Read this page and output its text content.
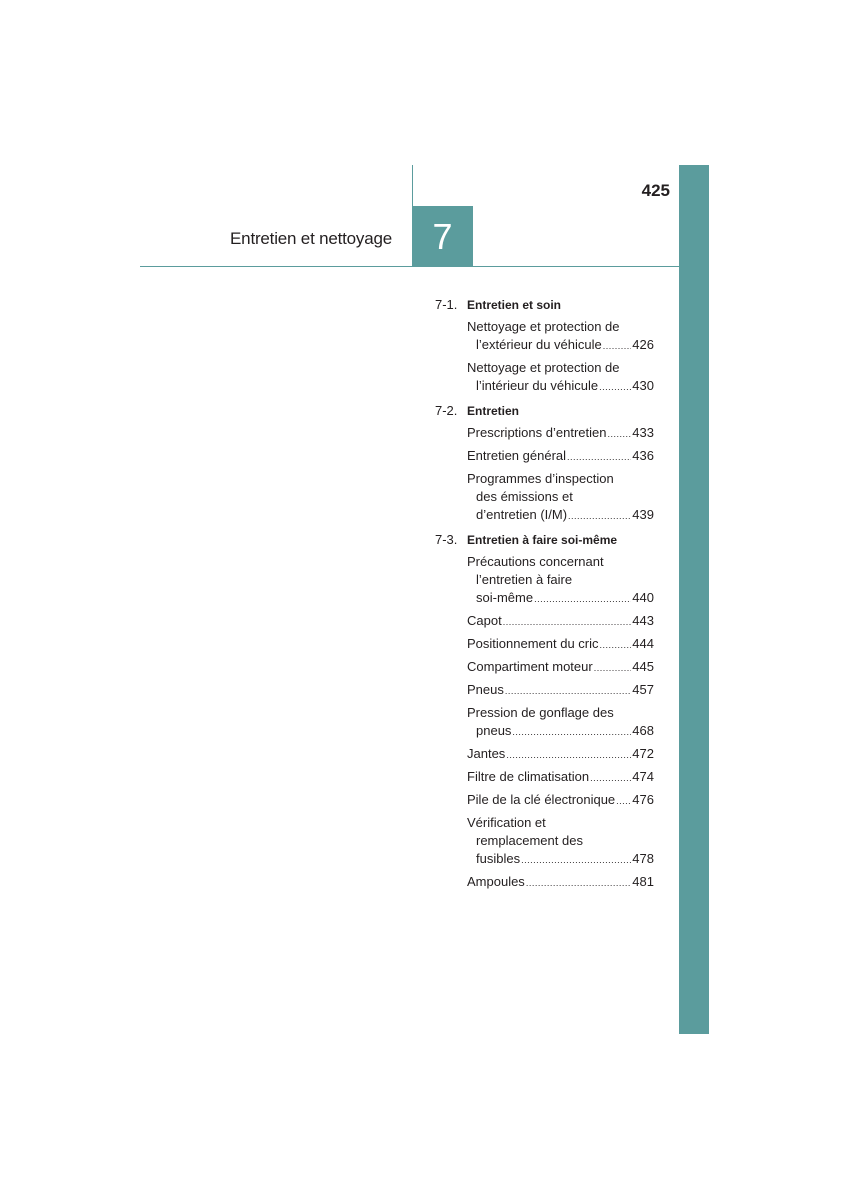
425
7
Entretien et nettoyage
7-1. Entretien et soin
Nettoyage et protection de
l’extérieur du véhicule ..... 426
Nettoyage et protection de
l’intérieur du véhicule .....	430
7-2. Entretien
Prescriptions d’entretien ..... 433
Entretien général .....	436
Programmes d’inspection
des émissions et
d’entretien (I/M) .....	439
7-3. Entretien à faire soi-même
Précautions concernant
l’entretien à faire
soi-même .....	440
Capot .....	443
Positionnement du cric .....	444
Compartiment moteur .....	445
Pneus .....	457
Pression de gonflage des
pneus .....	468
Jantes .....	472
Filtre de climatisation .....	474
Pile de la clé électronique ..... 476
Vérification et
remplacement des
fusibles .....	478
Ampoules .....	481
